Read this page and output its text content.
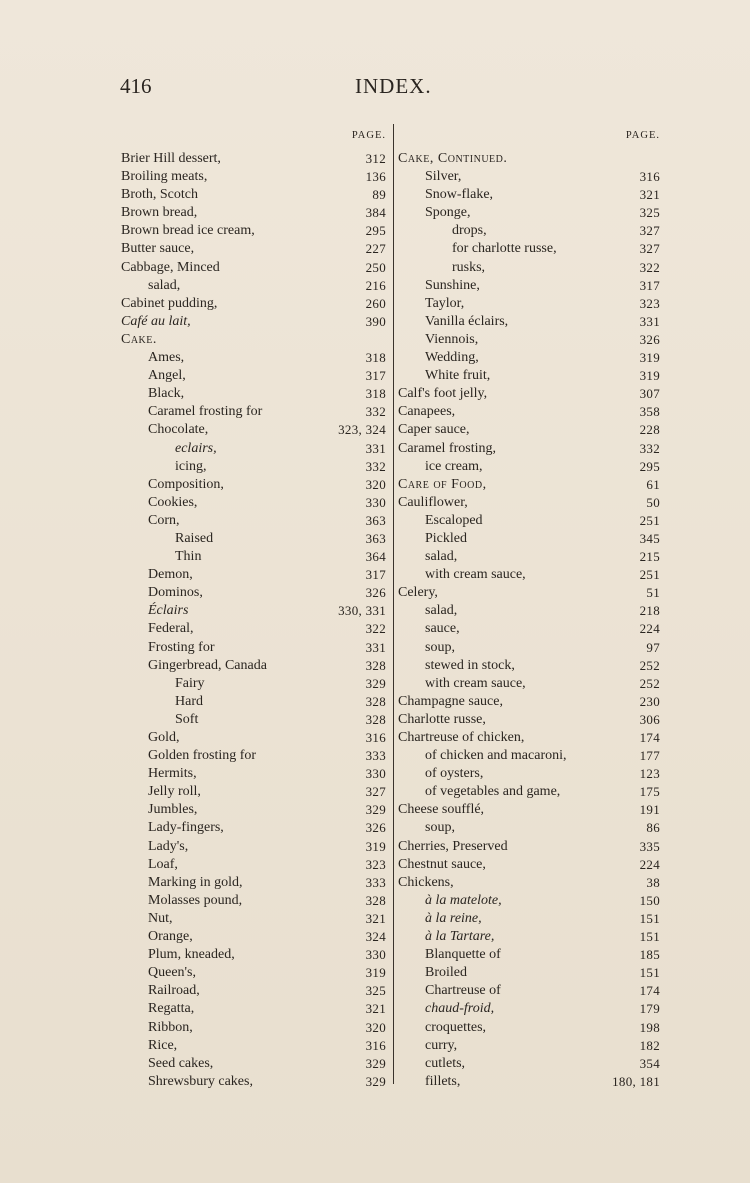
416	INDEX.
PAGE.
Brier Hill dessert,	312
Broiling meats,	136
Broth, Scotch	89
Brown bread,	384
Brown bread ice cream,	295
Butter sauce,	227
Cabbage, Minced	250
salad,	216
Cabinet pudding,	260
Café au lait,	390
Cake.
Ames,	318
Angel,	317
Black,	318
Caramel frosting for	332
Chocolate,	323, 324
eclairs,	331
icing,	332
Composition,	320
Cookies,	330
Corn,	363
Raised	363
Thin	364
Demon,	317
Dominos,	326
Éclairs	330, 331
Federal,	322
Frosting for	331
Gingerbread, Canada	328
Fairy	329
Hard	328
Soft	328
Gold,	316
Golden frosting for	333
Hermits,	330
Jelly roll,	327
Jumbles,	329
Lady-fingers,	326
Lady's,	319
Loaf,	323
Marking in gold,	333
Molasses pound,	328
Nut,	321
Orange,	324
Plum, kneaded,	330
Queen's,	319
Railroad,	325
Regatta,	321
Ribbon,	320
Rice,	316
Seed cakes,	329
Shrewsbury cakes,	329
PAGE.
Cake, Continued.
Silver,	316
Snow-flake,	321
Sponge,	325
drops,	327
for charlotte russe,	327
rusks,	322
Sunshine,	317
Taylor,	323
Vanilla éclairs,	331
Viennois,	326
Wedding,	319
White fruit,	319
Calf's foot jelly,	307
Canapees,	358
Caper sauce,	228
Caramel frosting,	332
ice cream,	295
Care of Food,	61
Cauliflower,	50
Escaloped	251
Pickled	345
salad,	215
with cream sauce,	251
Celery,	51
salad,	218
sauce,	224
soup,	97
stewed in stock,	252
with cream sauce,	252
Champagne sauce,	230
Charlotte russe,	306
Chartreuse of chicken,	174
of chicken and macaroni,	177
of oysters,	123
of vegetables and game,	175
Cheese soufflé,	191
soup,	86
Cherries, Preserved	335
Chestnut sauce,	224
Chickens,	38
à la matelote,	150
à la reine,	151
à la Tartare,	151
Blanquette of	185
Broiled	151
Chartreuse of	174
chaud-froid,	179
croquettes,	198
curry,	182
cutlets,	354
fillets,	180, 181
